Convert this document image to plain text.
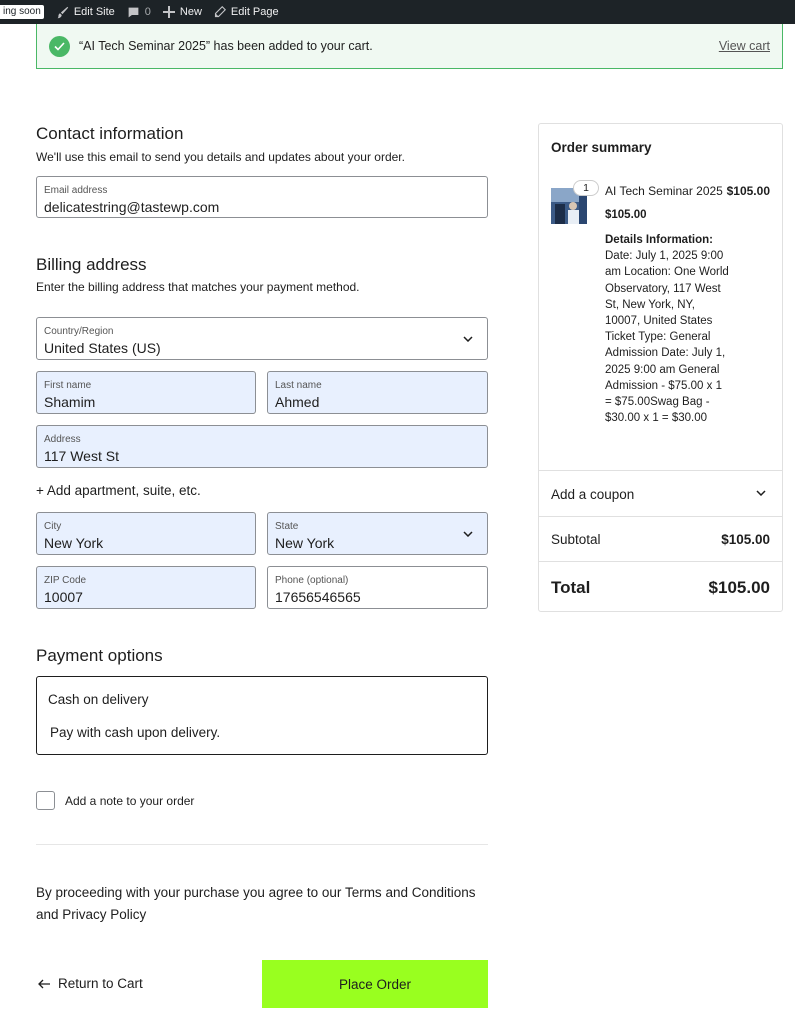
ing soon	Edit Site	0	New	Edit Page
“AI Tech Seminar 2025” has been added to your cart.	View cart
Contact information

We'll use this email to send you details and updates about your order.

Email address
delicatestring@tastewp.com
Billing address

Enter the billing address that matches your payment method.

Country/Region
United States (US)
First name
Shamim
Last name
Ahmed
Address
117 West St
+ Add apartment, suite, etc.
City
New York
State
New York
ZIP Code
10007
Phone (optional)
17656546565
Payment options
Cash on delivery
Pay with cash upon delivery.
Add a note to your order

By proceeding with your purchase you agree to our Terms and Conditions and Privacy Policy

Return to Cart	Place Order
Order summary
1	AI Tech Seminar 2025 $105.00
$105.00
Details Information: Date: July 1, 2025 9:00 am Location: One World Observatory, 117 West St, New York, NY, 10007, United States Ticket Type: General Admission Date: July 1, 2025 9:00 am General Admission - $75.00 x 1 = $75.00Swag Bag - $30.00 x 1 = $30.00
Add a coupon
Subtotal	$105.00
Total	$105.00
